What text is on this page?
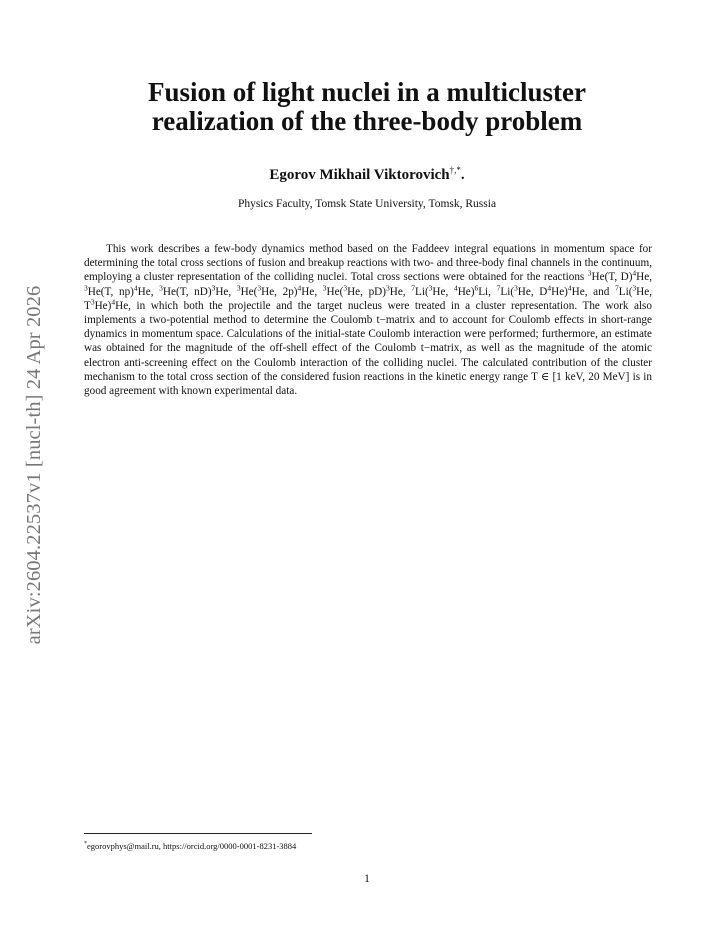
arXiv:2604.22537v1 [nucl-th] 24 Apr 2026
Fusion of light nuclei in a multicluster
realization of the three-body problem
Egorov Mikhail Viktorovich†,*.
Physics Faculty, Tomsk State University, Tomsk, Russia

This work describes a few-body dynamics method based on the Faddeev integral equations in momentum space for determining the total cross sections of fusion and breakup reactions with two- and three-body final channels in the continuum, employing a cluster representation of the colliding nuclei. Total cross sections were obtained for the reactions $^3$He(T, D)$^4$He, $^3$He(T, np)$^4$He, $^3$He(T, nD)$^3$He, $^3$He($^3$He, 2p)$^4$He, $^3$He($^3$He, pD)$^3$He, $^7$Li($^3$He, $^4$He)$^6$Li, $^7$Li($^3$He, $D^4He)^4He$, and $^7$Li($^3$He, $T^3He)^4He$, in which both the projectile and the target nucleus were treated in a cluster representation. The work also implements a two-potential method to determine the Coulomb t−matrix and to account for Coulomb effects in short-range dynamics in momentum space. Calculations of the initial-state Coulomb interaction were performed; furthermore, an estimate was obtained for the magnitude of the off-shell effect of the Coulomb t−matrix, as well as the magnitude of the atomic electron anti-screening effect on the Coulomb interaction of the colliding nuclei. The calculated contribution of the cluster mechanism to the total cross section of the considered fusion reactions in the kinetic energy range T ∈ [1 keV, 20 MeV] is in good agreement with known experimental data.

*egorovphys@mail.ru, https://orcid.org/0000-0001-8231-3884
1
